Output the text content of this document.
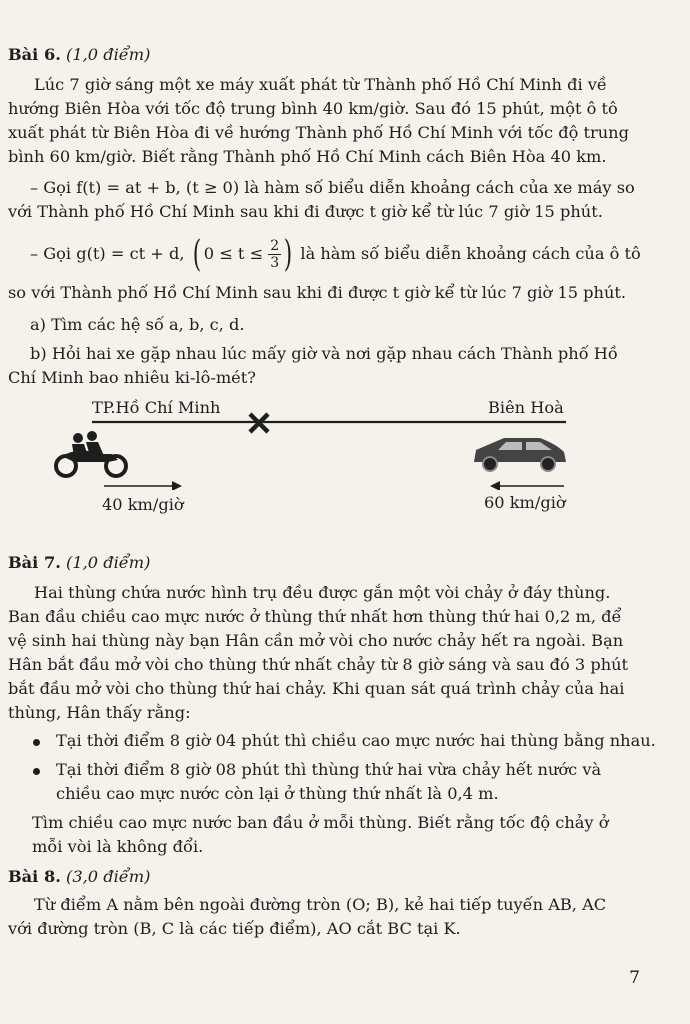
Bài 6. (1,0 điểm)
Lúc 7 giờ sáng một xe máy xuất phát từ Thành phố Hồ Chí Minh đi về
hướng Biên Hòa với tốc độ trung bình 40 km/giờ. Sau đó 15 phút, một ô tô
xuất phát từ Biên Hòa đi về hướng Thành phố Hồ Chí Minh với tốc độ trung
bình 60 km/giờ. Biết rằng Thành phố Hồ Chí Minh cách Biên Hòa 40 km.
– Gọi f(t) = at + b, (t ≥ 0) là hàm số biểu diễn khoảng cách của xe máy so
với Thành phố Hồ Chí Minh sau khi đi được t giờ kể từ lúc 7 giờ 15 phút.
– Gọi g(t) = ct + d, ( $0 \le t \le \frac{2}{3}$ ) là hàm số biểu diễn khoảng cách của ô tô
so với Thành phố Hồ Chí Minh sau khi đi được t giờ kể từ lúc 7 giờ 15 phút.
a) Tìm các hệ số a, b, c, d.
b) Hỏi hai xe gặp nhau lúc mấy giờ và nơi gặp nhau cách Thành phố Hồ
Chí Minh bao nhiêu ki-lô-mét?
TP.Hồ Chí Minh	Biên Hoà
40 km/giờ	60 km/giờ
Bài 7. (1,0 điểm)
Hai thùng chứa nước hình trụ đều được gắn một vòi chảy ở đáy thùng.
Ban đầu chiều cao mực nước ở thùng thứ nhất hơn thùng thứ hai 0,2 m, để
vệ sinh hai thùng này bạn Hân cần mở vòi cho nước chảy hết ra ngoài. Bạn
Hân bắt đầu mở vòi cho thùng thứ nhất chảy từ 8 giờ sáng và sau đó 3 phút
bắt đầu mở vòi cho thùng thứ hai chảy. Khi quan sát quá trình chảy của hai
thùng, Hân thấy rằng:
Tại thời điểm 8 giờ 04 phút thì chiều cao mực nước hai thùng bằng nhau.
Tại thời điểm 8 giờ 08 phút thì thùng thứ hai vừa chảy hết nước và
chiều cao mực nước còn lại ở thùng thứ nhất là 0,4 m.
Tìm chiều cao mực nước ban đầu ở mỗi thùng. Biết rằng tốc độ chảy ở
mỗi vòi là không đổi.
Bài 8. (3,0 điểm)
Từ điểm A nằm bên ngoài đường tròn (O; B), kẻ hai tiếp tuyến AB, AC
với đường tròn (B, C là các tiếp điểm), AO cắt BC tại K.
7
